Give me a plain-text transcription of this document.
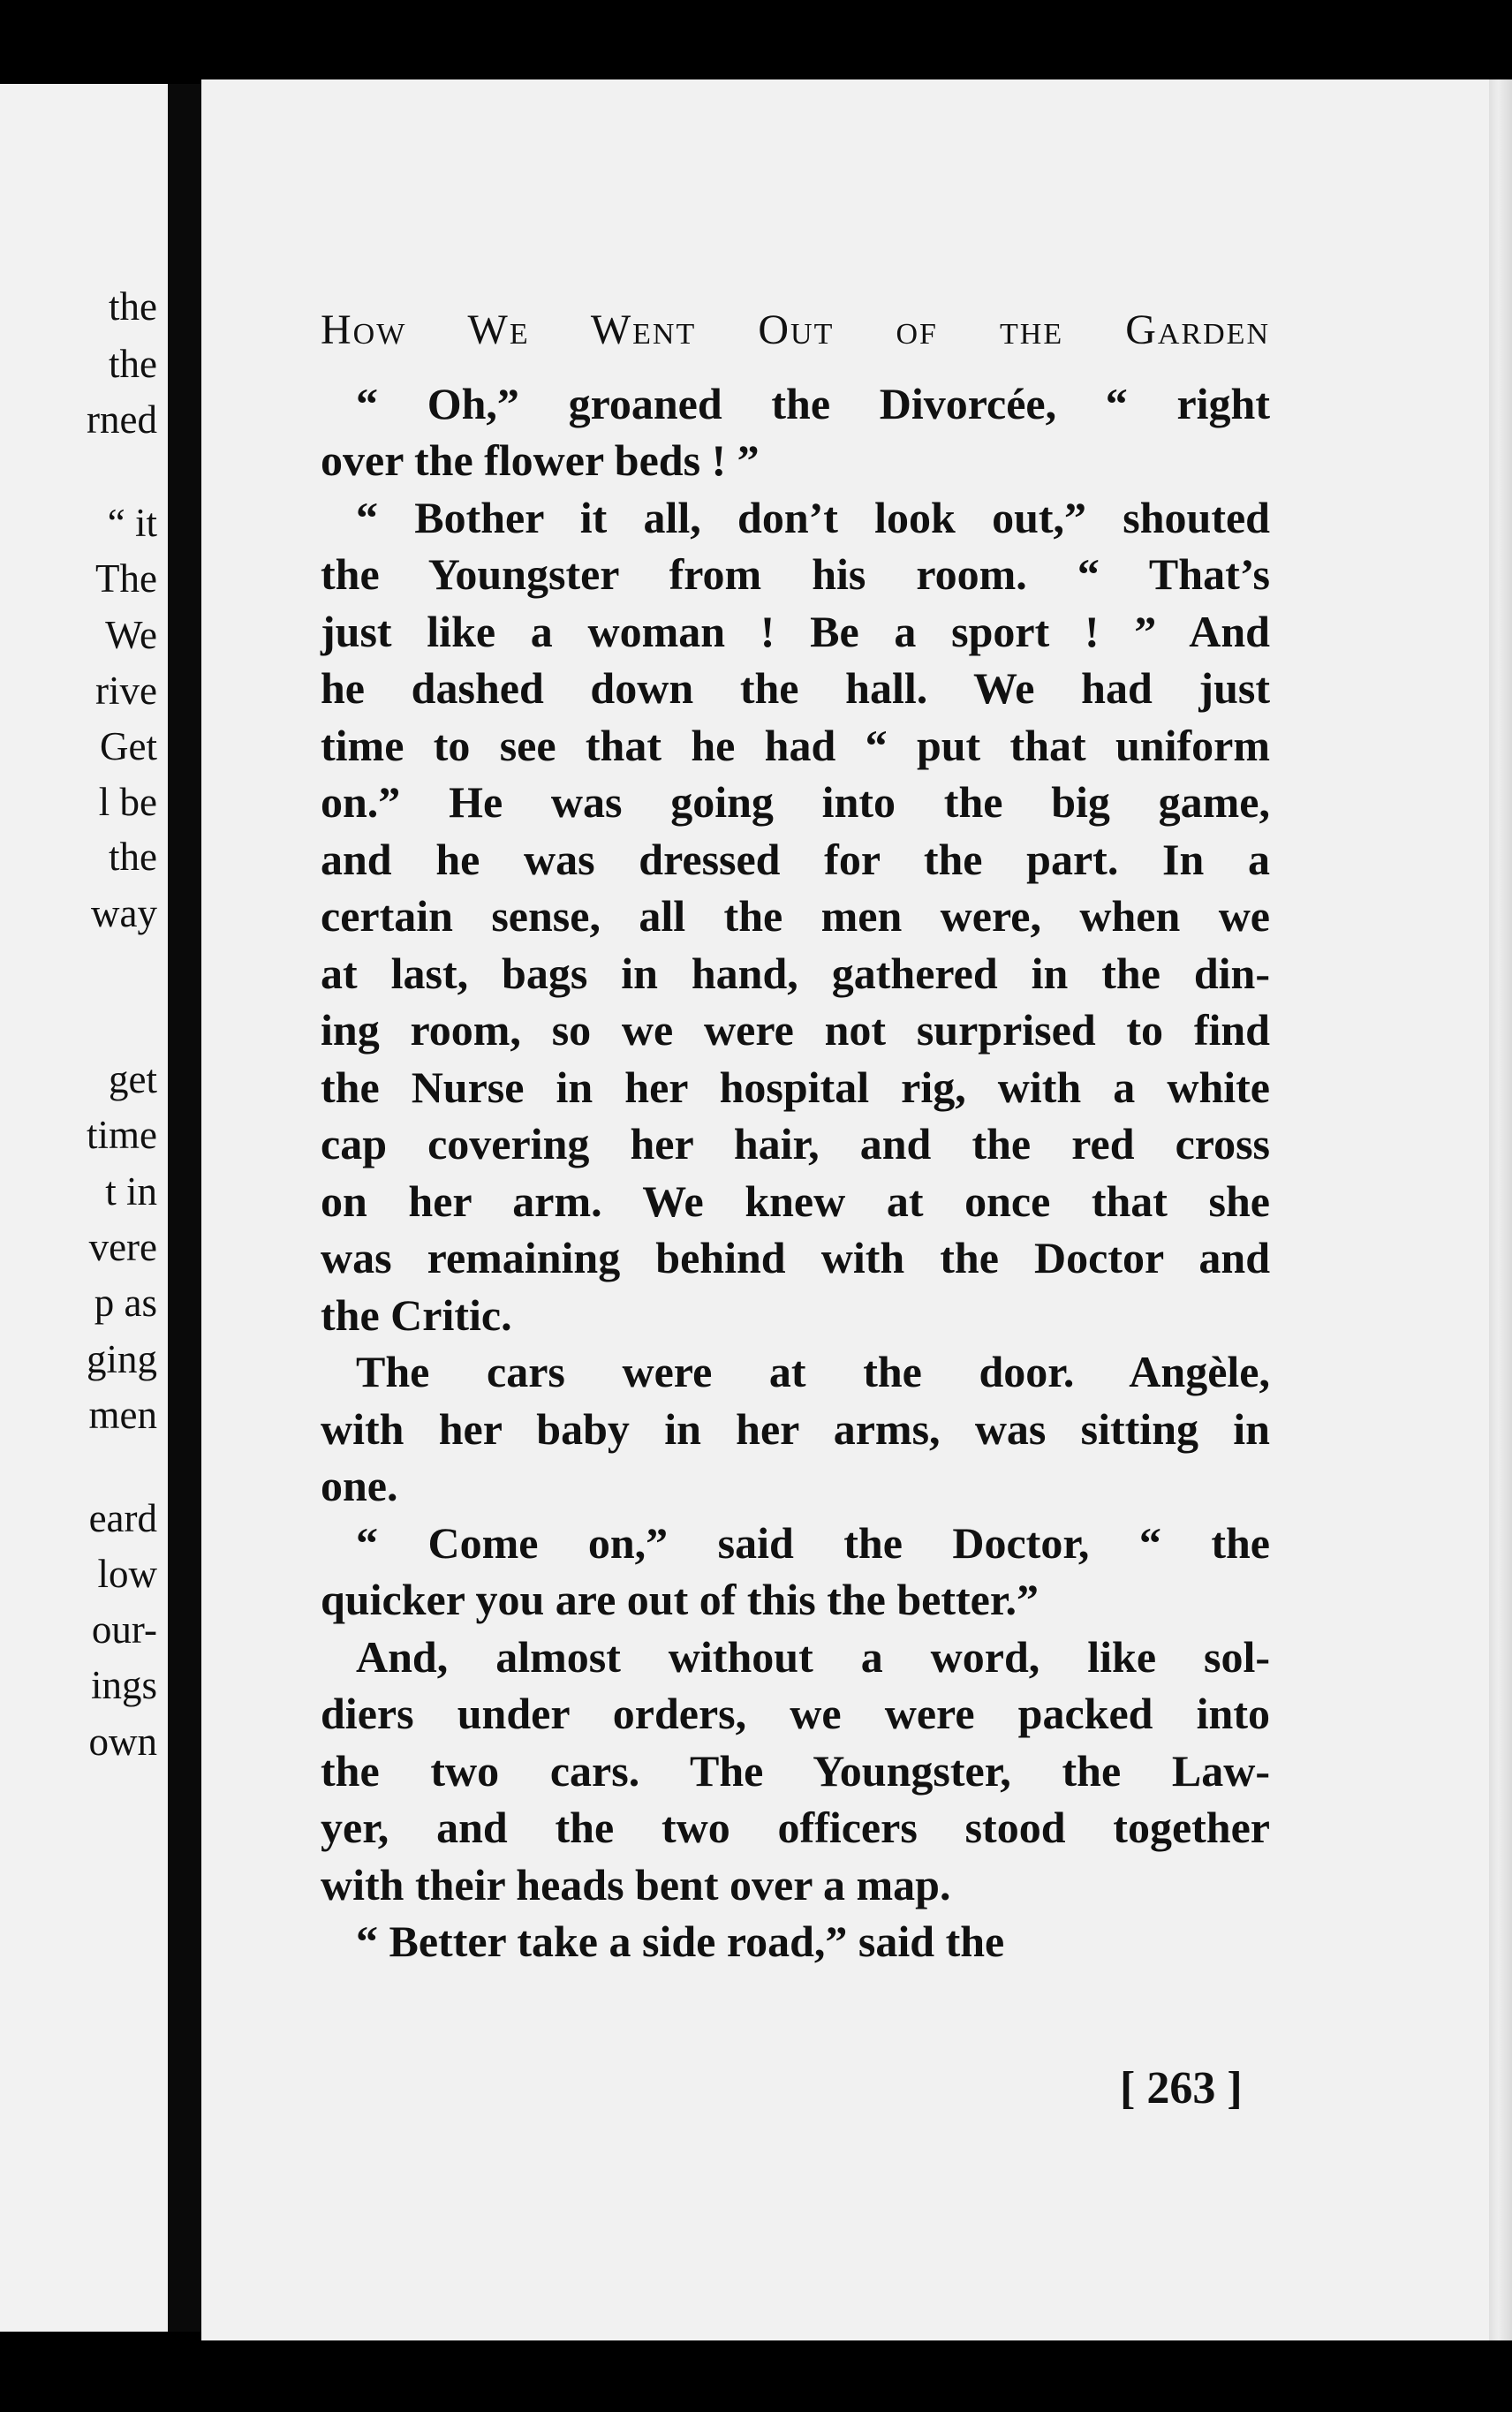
the
the
rned
“ it
The
We
rive
Get
l be
the
way
get
time
t in
vere
p as
ging
men
eard
low
our-
ings
own
How We Went Out of the Garden
“ Oh,” groaned the Divorcée, “ right
over the flower beds ! ”
“ Bother it all, don’t look out,” shouted
the Youngster from his room. “ That’s
just like a woman ! Be a sport ! ” And
he dashed down the hall. We had just
time to see that he had “ put that uniform
on.” He was going into the big game,
and he was dressed for the part. In a
certain sense, all the men were, when we
at last, bags in hand, gathered in the din-
ing room, so we were not surprised to find
the Nurse in her hospital rig, with a white
cap covering her hair, and the red cross
on her arm. We knew at once that she
was remaining behind with the Doctor and
the Critic.
The cars were at the door. Angèle,
with her baby in her arms, was sitting in
one.
“ Come on,” said the Doctor, “ the
quicker you are out of this the better.”
And, almost without a word, like sol-
diers under orders, we were packed into
the two cars. The Youngster, the Law-
yer, and the two officers stood together
with their heads bent over a map.
“ Better take a side road,” said the
[ 263 ]
